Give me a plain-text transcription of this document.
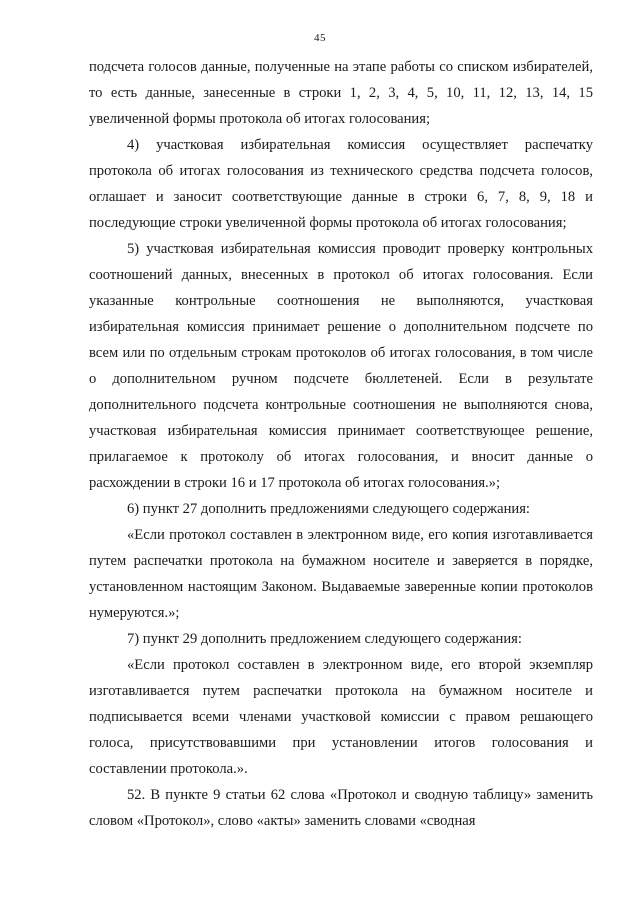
45

подсчета голосов данные, полученные на этапе работы со списком избирателей, то есть данные, занесенные в строки 1, 2, 3, 4, 5, 10, 11, 12, 13, 14, 15 увеличенной формы протокола об итогах голосования;

4) участковая избирательная комиссия осуществляет распечатку протокола об итогах голосования из технического средства подсчета голосов, оглашает и заносит соответствующие данные в строки 6, 7, 8, 9, 18 и последующие строки увеличенной формы протокола об итогах голосования;

5) участковая избирательная комиссия проводит проверку контрольных соотношений данных, внесенных в протокол об итогах голосования. Если указанные контрольные соотношения не выполняются, участковая избирательная комиссия принимает решение о дополнительном подсчете по всем или по отдельным строкам протоколов об итогах голосования, в том числе о дополнительном ручном подсчете бюллетеней. Если в результате дополнительного подсчета контрольные соотношения не выполняются снова, участковая избирательная комиссия принимает соответствующее решение, прилагаемое к протоколу об итогах голосования, и вносит данные о расхождении в строки 16 и 17 протокола об итогах голосования.»;

6) пункт 27 дополнить предложениями следующего содержания:

«Если протокол составлен в электронном виде, его копия изготавливается путем распечатки протокола на бумажном носителе и заверяется в порядке, установленном настоящим Законом. Выдаваемые заверенные копии протоколов нумеруются.»;

7) пункт 29 дополнить предложением следующего содержания:

«Если протокол составлен в электронном виде, его второй экземпляр изготавливается путем распечатки протокола на бумажном носителе и подписывается всеми членами участковой комиссии с правом решающего голоса, присутствовавшими при установлении итогов голосования и составлении протокола.».

52. В пункте 9 статьи 62 слова «Протокол и сводную таблицу» заменить словом «Протокол», слово «акты» заменить словами «сводная
